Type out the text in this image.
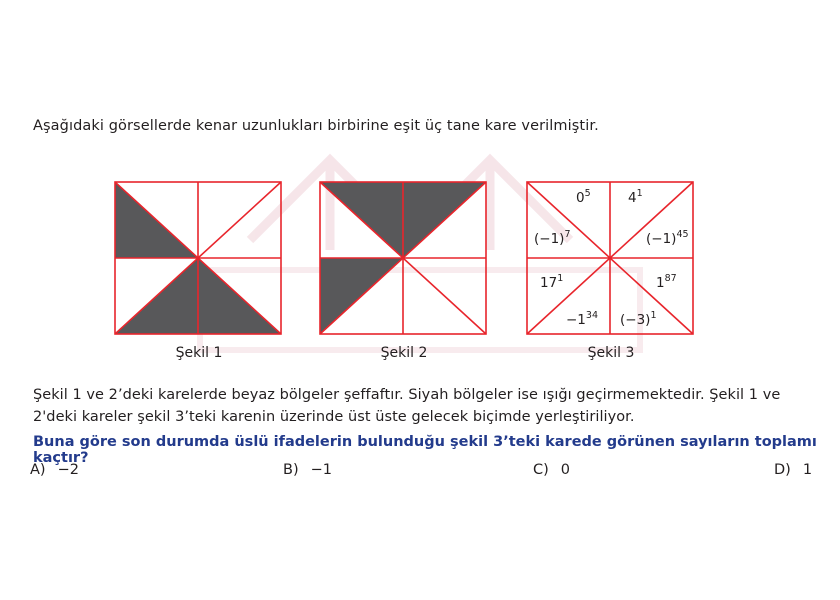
Aşağıdaki görsellerde kenar uzunlukları birbirine eşit üç tane kare verilmiştir.
$0^5$	$4^1$
$(-1)^7$	$(-1)^{45}$
$17^1$	$1^{87}$
$-1^{34}$ $(-3)^1$
Şekil 1	Şekil 2	Şekil 3
Şekil 1 ve 2’deki karelerde beyaz bölgeler şeffaftır. Siyah bölgeler ise ışığı geçirmemektedir. Şekil 1 ve 2'deki kareler şekil 3’teki karenin üzerinde üst üste gelecek biçimde yerleştiriliyor.
Buna göre son durumda üslü ifadelerin bulunduğu şekil 3’teki karede görünen sayıların toplamı kaçtır?
A) −2	B) −1	C) 0	D) 1
